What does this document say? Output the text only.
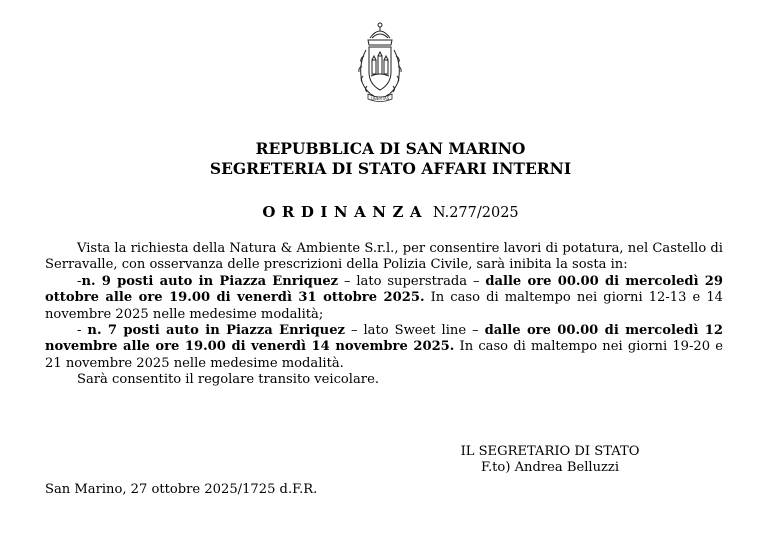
LIBERTAS
REPUBBLICA DI SAN MARINO
SEGRETERIA DI STATO AFFARI INTERNI
ORDINANZA N.277/2025

Vista la richiesta della Natura & Ambiente S.r.l., per consentire lavori di potatura, nel Castello di Serravalle, con osservanza delle prescrizioni della Polizia Civile, sarà inibita la sosta in:

-n. 9 posti auto in Piazza Enriquez – lato superstrada – dalle ore 00.00 di mercoledì 29 ottobre alle ore 19.00 di venerdì 31 ottobre 2025. In caso di maltempo nei giorni 12-13 e 14 novembre 2025 nelle medesime modalità;

- n. 7 posti auto in Piazza Enriquez – lato Sweet line – dalle ore 00.00 di mercoledì 12 novembre alle ore 19.00 di venerdì 14 novembre 2025. In caso di maltempo nei giorni 19-20 e 21 novembre 2025 nelle medesime modalità.

Sarà consentito il regolare transito veicolare.

IL SEGRETARIO DI STATO
F.to) Andrea Belluzzi
San Marino, 27 ottobre 2025/1725 d.F.R.
